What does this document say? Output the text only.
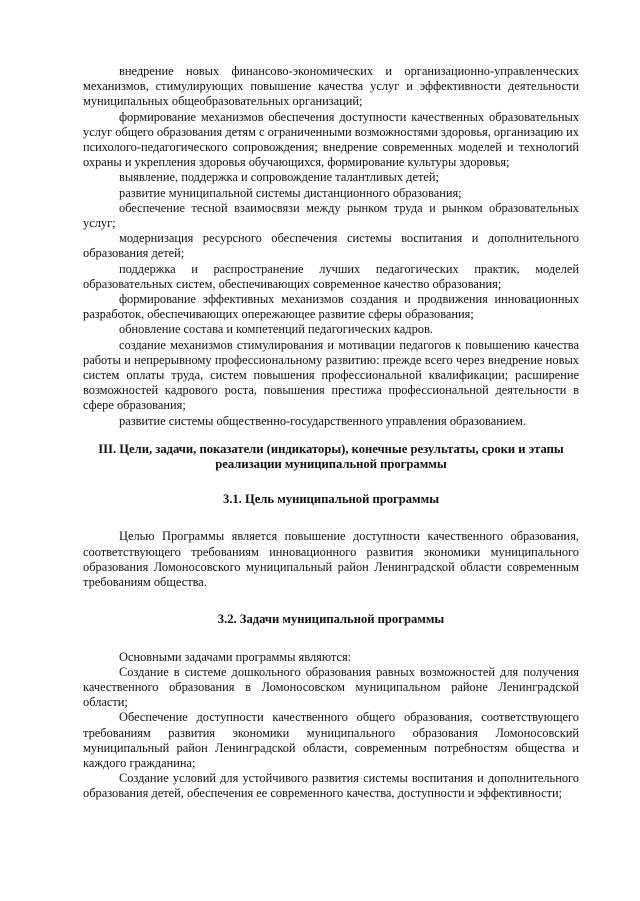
внедрение новых финансово-экономических и организационно-управленческих механизмов, стимулирующих повышение качества услуг и эффективности деятельности муниципальных общеобразовательных организаций;

формирование механизмов обеспечения доступности качественных образовательных услуг общего образования детям с ограниченными возможностями здоровья, организацию их психолого-педагогического сопровождения; внедрение современных моделей и технологий охраны и укрепления здоровья обучающихся, формирование культуры здоровья;

выявление, поддержка и сопровождение талантливых детей;

развитие муниципальной системы дистанционного образования;

обеспечение тесной взаимосвязи между рынком труда и рынком образовательных услуг;

модернизация ресурсного обеспечения системы воспитания и дополнительного образования детей;

поддержка и распространение лучших педагогических практик, моделей образовательных систем, обеспечивающих современное качество образования;

формирование эффективных механизмов создания и продвижения инновационных разработок, обеспечивающих опережающее развитие сферы образования;

обновление состава и компетенций педагогических кадров.

создание механизмов стимулирования и мотивации педагогов к повышению качества работы и непрерывному профессиональному развитию: прежде всего через внедрение новых систем оплаты труда, систем повышения профессиональной квалификации; расширение возможностей кадрового роста, повышения престижа профессиональной деятельности в сфере образования;

развитие системы общественно-государственного управления образованием.

III. Цели, задачи, показатели (индикаторы), конечные результаты, сроки и этапы реализации муниципальной программы
3.1. Цель муниципальной программы

Целью Программы является повышение доступности качественного образования, соответствующего требованиям инновационного развития экономики муниципального образования Ломоносовского муниципальный район Ленинградской области современным требованиям общества.

3.2. Задачи муниципальной программы

Основными задачами программы являются:

Создание в системе дошкольного образования равных возможностей для получения качественного образования в Ломоносовском муниципальном районе Ленинградской области;

Обеспечение доступности качественного общего образования, соответствующего требованиям развития экономики муниципального образования Ломоносовский муниципальный район Ленинградской области, современным потребностям общества и каждого гражданина;

Создание условий для устойчивого развития системы воспитания и дополнительного образования детей, обеспечения ее современного качества, доступности и эффективности;
